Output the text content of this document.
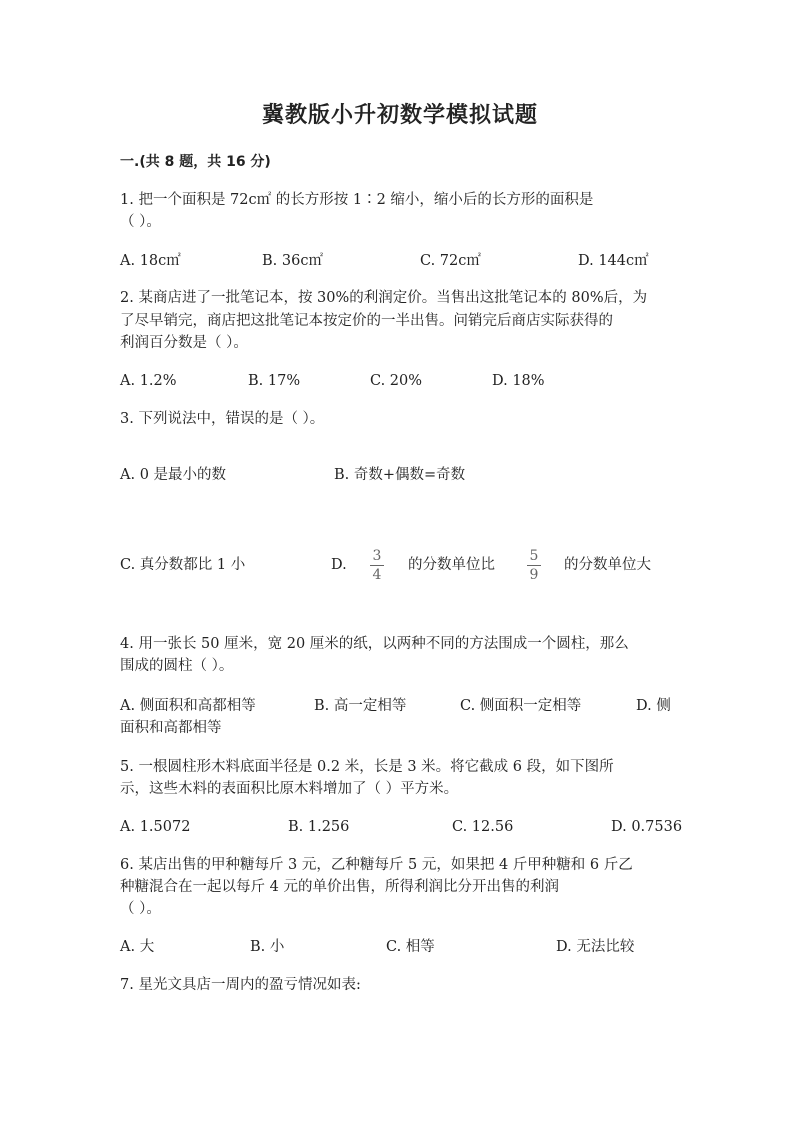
冀教版小升初数学模拟试题
一.(共 8 题，共 16 分)
1. 把一个面积是 72c㎡ 的长方形按 1∶2 缩小，缩小后的长方形的面积是
（ ）。
A. 18c㎡	B. 36c㎡	C. 72c㎡	D. 144c㎡
2. 某商店进了一批笔记本，按 30%的利润定价。当售出这批笔记本的 80%后，为
了尽早销完，商店把这批笔记本按定价的一半出售。问销完后商店实际获得的
利润百分数是（ ）。
A. 1.2%	B. 17%	C. 20%	D. 18%
3. 下列说法中，错误的是（ ）。
A. 0 是最小的数	B. 奇数+偶数=奇数
C. 真分数都比 1 小	D.
3
4
的分数单位比
5
9
的分数单位大
4. 用一张长 50 厘米，宽 20 厘米的纸，以两种不同的方法围成一个圆柱，那么
围成的圆柱（ ）。
A. 侧面积和高都相等	B. 高一定相等	C. 侧面积一定相等	D. 侧
面积和高都相等
5. 一根圆柱形木料底面半径是 0.2 米，长是 3 米。将它截成 6 段，如下图所
示，这些木料的表面积比原木料增加了（ ）平方米。
A. 1.5072	B. 1.256	C. 12.56	D. 0.7536
6. 某店出售的甲种糖每斤 3 元，乙种糖每斤 5 元，如果把 4 斤甲种糖和 6 斤乙
种糖混合在一起以每斤 4 元的单价出售，所得利润比分开出售的利润
（ ）。
A. 大	B. 小	C. 相等	D. 无法比较
7. 星光文具店一周内的盈亏情况如表:
